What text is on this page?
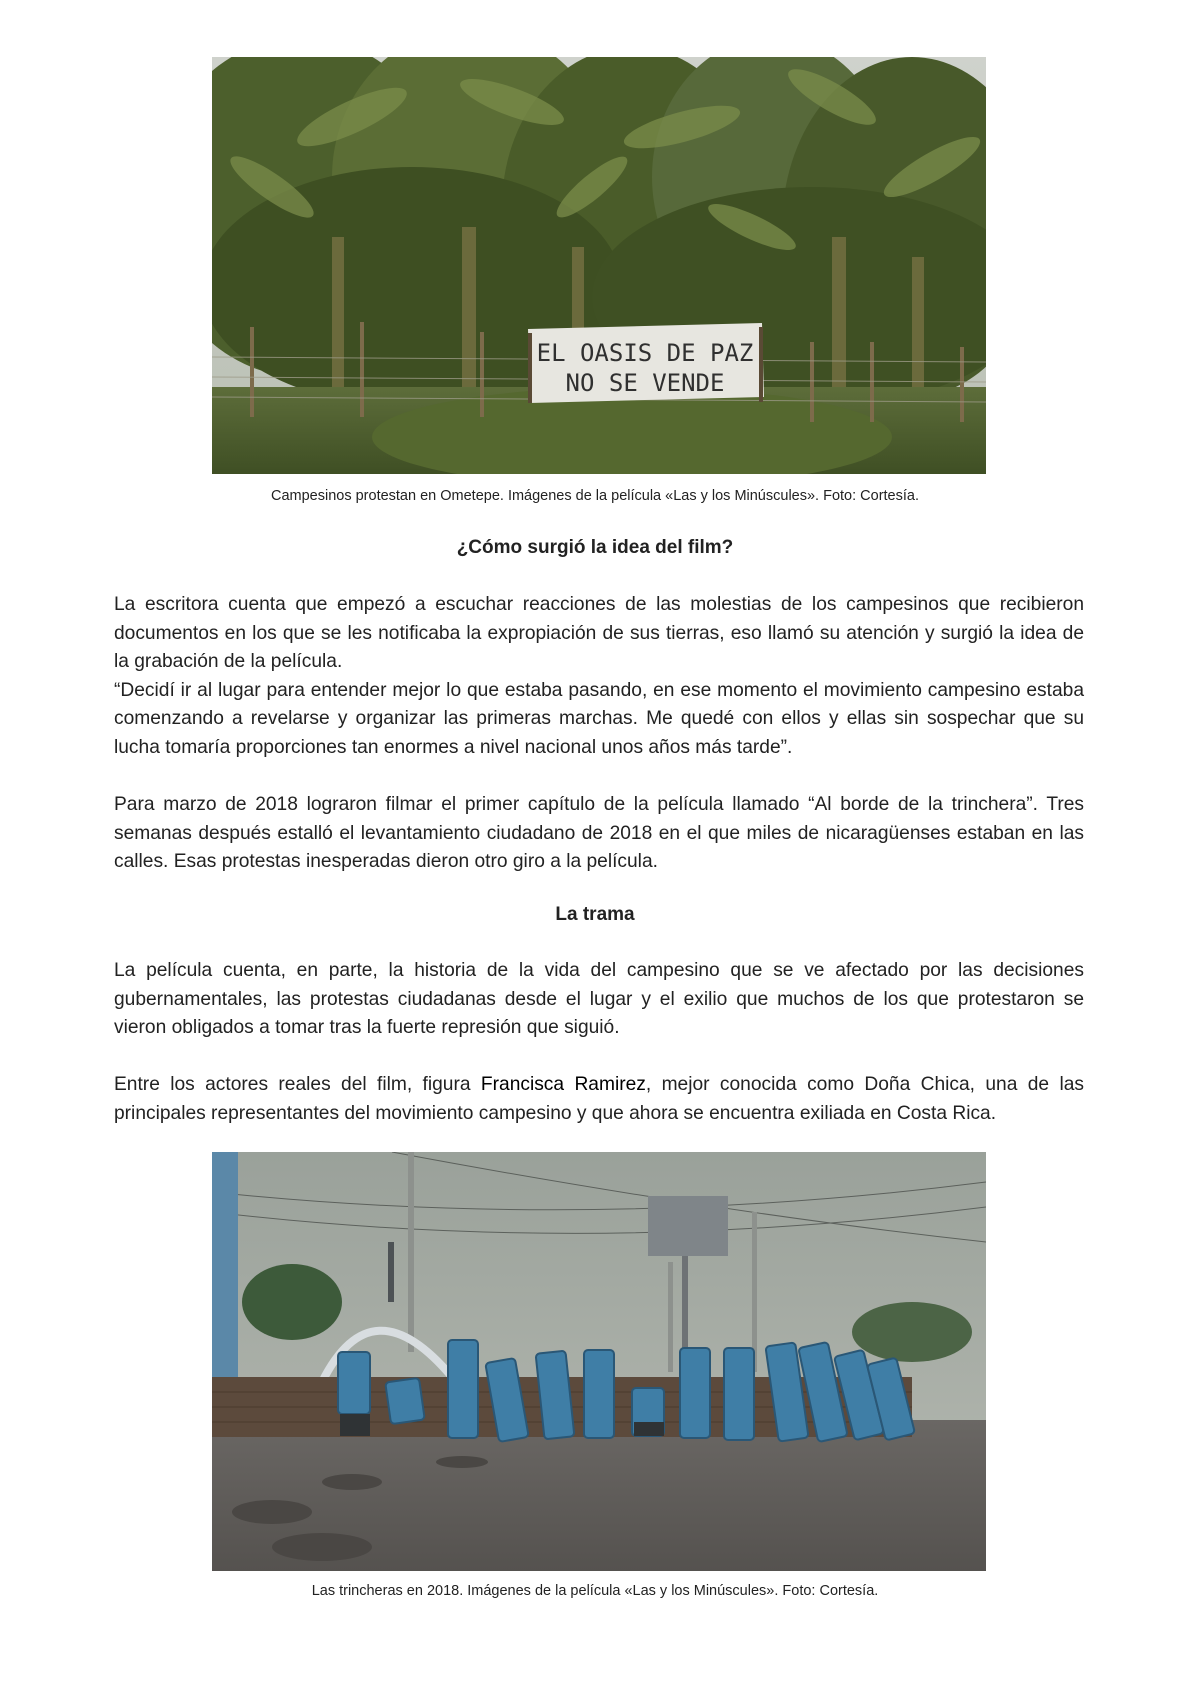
EL OASIS DE PAZ
NO SE VENDE
Campesinos protestan en Ometepe. Imágenes de la película «Las y los Minúscules». Foto: Cortesía.
¿Cómo surgió la idea del film?

La escritora cuenta que empezó a escuchar reacciones de las molestias de los campesinos que recibieron documentos en los que se les notificaba la expropiación de sus tierras, eso llamó su atención y surgió la idea de la grabación de la película.
“Decidí ir al lugar para entender mejor lo que estaba pasando, en ese momento el movimiento campesino estaba comenzando a revelarse y organizar las primeras marchas. Me quedé con ellos y ellas sin sospechar que su lucha tomaría proporciones tan enormes a nivel nacional unos años más tarde”.

Para marzo de 2018 lograron filmar el primer capítulo de la película llamado “Al borde de la trinchera”. Tres semanas después estalló el levantamiento ciudadano de 2018 en el que miles de nicaragüenses estaban en las calles. Esas protestas inesperadas dieron otro giro a la película.

La trama

La película cuenta, en parte, la historia de la vida del campesino que se ve afectado por las decisiones gubernamentales, las protestas ciudadanas desde el lugar y el exilio que muchos de los que protestaron se vieron obligados a tomar tras la fuerte represión que siguió.

Entre los actores reales del film, figura Francisca Ramirez, mejor conocida como Doña Chica, una de las principales representantes del movimiento campesino y que ahora se encuentra exiliada en Costa Rica.

Las trincheras en 2018. Imágenes de la película «Las y los Minúscules». Foto: Cortesía.
